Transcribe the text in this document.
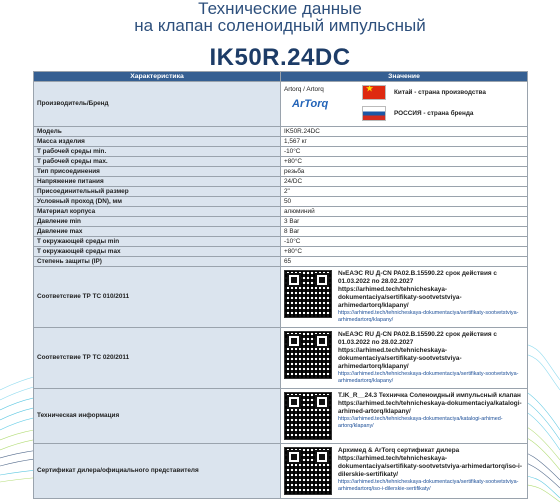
Технические данные
на клапан соленоидный импульсный
IK50R.24DC
Характеристика	Значение
Производитель/Бренд	Artorq / Artorq
ArTorq
★
Китай - страна производства
РОССИЯ - страна бренда

Модель	IK50R.24DC
Масса изделия	1,567 кг
Т рабочей среды min.	-10°C
Т рабочей среды max.	+80°C
Тип присоединения	резьба
Напряжение питания	24/DC
Присоединительный размер	2"
Условный проход (DN), мм	50
Материал корпуса	алюминий
Давление min	3 Bar
Давление max	8 Bar
Т окружающей среды min	-10°C
Т окружающей среды max	+80°C
Степень защиты (IP)	65
Соответствие ТР ТС 010/2011	№ЕАЭС RU Д-CN РА02.В.15590.22 срок действия с 01.03.2022 по 28.02.2027 https://arhimed.tech/tehnicheskaya-dokumentaciya/sertifikaty-sootvetstviya-arhimedartorq/klapany/
https://arhimed.tech/tehnicheskaya-dokumentaciya/sertifikaty-sootvetstviya-arhimedartorq/klapany/

Соответствие ТР ТС 020/2011	№ЕАЭС RU Д-CN РА02.В.15590.22 срок действия с 01.03.2022 по 28.02.2027 https://arhimed.tech/tehnicheskaya-dokumentaciya/sertifikaty-sootvetstviya-arhimedartorq/klapany/
https://arhimed.tech/tehnicheskaya-dokumentaciya/sertifikaty-sootvetstviya-arhimedartorq/klapany/

Техническая информация	T.IK_R__24.3 Техничка Соленоидный импульсный клапан https://arhimed.tech/tehnicheskaya-dokumentaciya/katalogi-arhimed-artorq/klapany/
https://arhimed.tech/tehnicheskaya-dokumentaciya/katalogi-arhimed-artorq/klapany/

Сертификат дилера/официального представителя	Архимед & ArTorq сертификат дилера https://arhimed.tech/tehnicheskaya-dokumentaciya/sertifikaty-sootvetstviya-arhimedartorq/iso-i-dilerskie-sertifikaty/
https://arhimed.tech/tehnicheskaya-dokumentaciya/sertifikaty-sootvetstviya-arhimedartorq/iso-i-dilerskie-sertifikaty/
